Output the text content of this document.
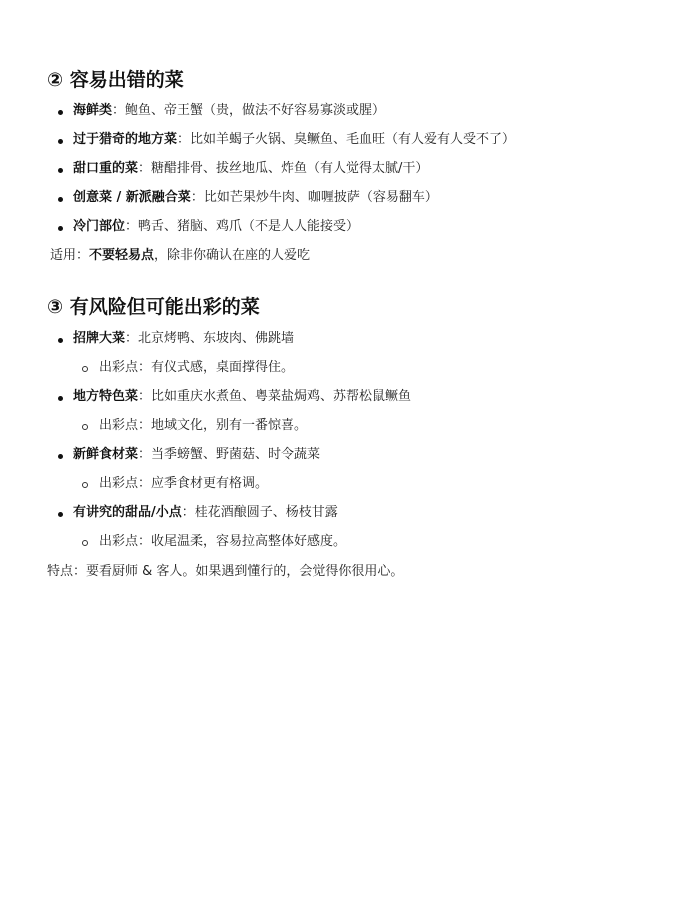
② 容易出错的菜
海鲜类：鲍鱼、帝王蟹（贵，做法不好容易寡淡或腥）
过于猎奇的地方菜：比如羊蝎子火锅、臭鳜鱼、毛血旺（有人爱有人受不了）
甜口重的菜：糖醋排骨、拔丝地瓜、炸鱼（有人觉得太腻/干）
创意菜 / 新派融合菜：比如芒果炒牛肉、咖喱披萨（容易翻车）
冷门部位：鸭舌、猪脑、鸡爪（不是人人能接受）
适用：不要轻易点，除非你确认在座的人爱吃
③ 有风险但可能出彩的菜
招牌大菜：北京烤鸭、东坡肉、佛跳墙
出彩点：有仪式感，桌面撑得住。
地方特色菜：比如重庆水煮鱼、粤菜盐焗鸡、苏帮松鼠鳜鱼
出彩点：地域文化，别有一番惊喜。
新鲜食材菜：当季螃蟹、野菌菇、时令蔬菜
出彩点：应季食材更有格调。
有讲究的甜品/小点：桂花酒酿圆子、杨枝甘露
出彩点：收尾温柔，容易拉高整体好感度。
特点：要看厨师 & 客人。如果遇到懂行的，会觉得你很用心。
